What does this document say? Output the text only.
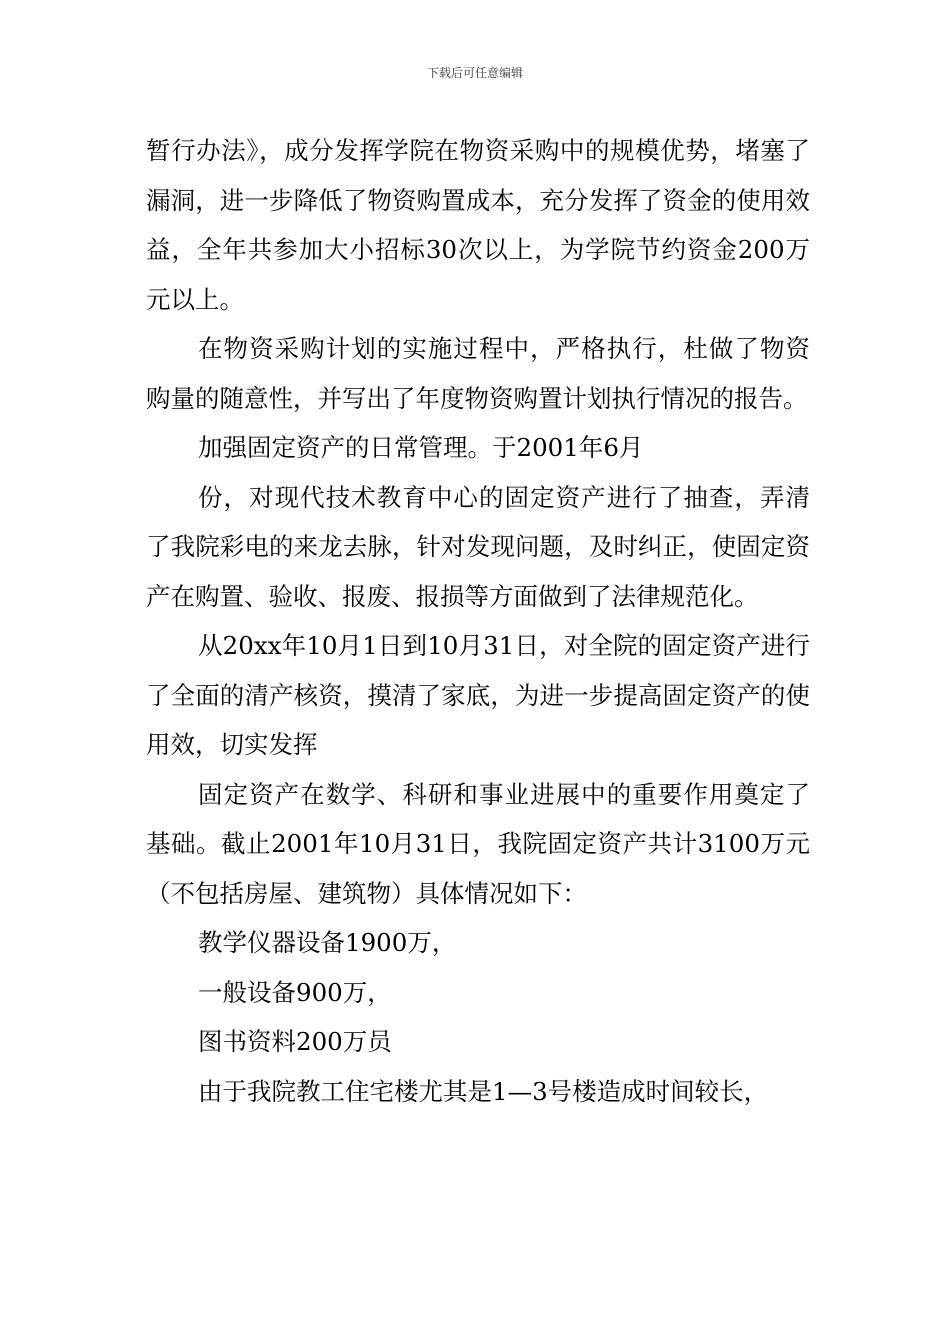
下载后可任意编辑

暂行办法》，成分发挥学院在物资采购中的规模优势，堵塞了漏洞，进一步降低了物资购置成本，充分发挥了资金的使用效益，全年共参加大小招标30次以上，为学院节约资金200万元以上。

在物资采购计划的实施过程中，严格执行，杜做了物资购量的随意性，并写出了年度物资购置计划执行情况的报告。

加强固定资产的日常管理。于2001年6月

份，对现代技术教育中心的固定资产进行了抽查，弄清了我院彩电的来龙去脉，针对发现问题，及时纠正，使固定资产在购置、验收、报废、报损等方面做到了法律规范化。

从20xx年10月1日到10月31日，对全院的固定资产进行了全面的清产核资，摸清了家底，为进一步提高固定资产的使用效，切实发挥

固定资产在数学、科研和事业进展中的重要作用奠定了基础。截止2001年10月31日，我院固定资产共计3100万元（不包括房屋、建筑物）具体情况如下：

教学仪器设备1900万，

一般设备900万，

图书资料200万员

由于我院教工住宅楼尤其是1—3号楼造成时间较长，
